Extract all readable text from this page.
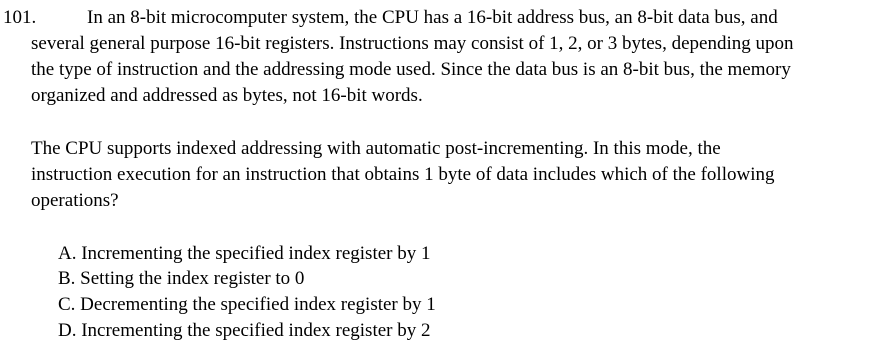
101.	In an 8-bit microcomputer system, the CPU has a 16-bit address bus, an 8-bit data bus, and
several general purpose 16-bit registers. Instructions may consist of 1, 2, or 3 bytes, depending upon
the type of instruction and the addressing mode used. Since the data bus is an 8-bit bus, the memory
organized and addressed as bytes, not 16-bit words.
The CPU supports indexed addressing with automatic post-incrementing. In this mode, the
instruction execution for an instruction that obtains 1 byte of data includes which of the following
operations?
A. Incrementing the specified index register by 1
B. Setting the index register to 0
C. Decrementing the specified index register by 1
D. Incrementing the specified index register by 2
